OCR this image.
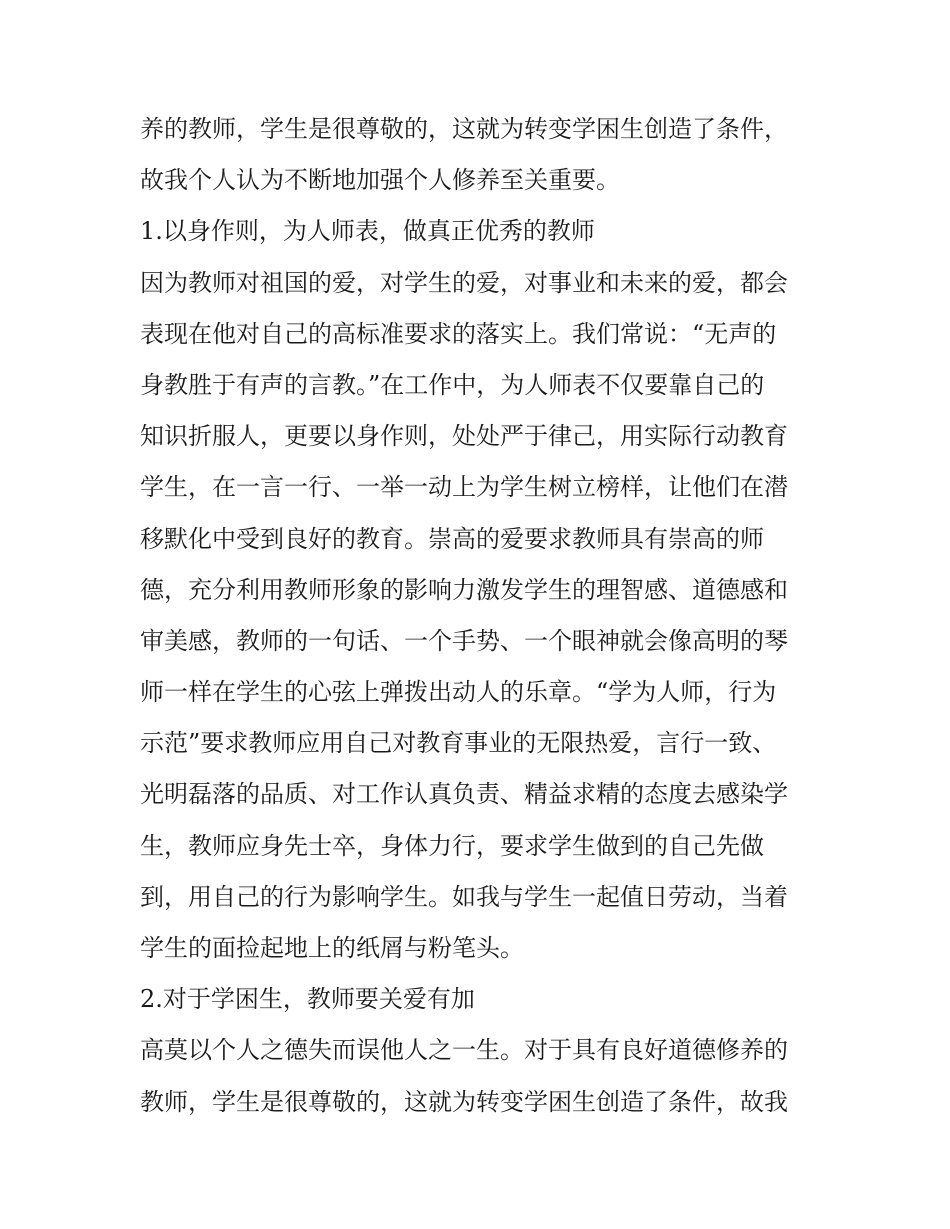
养的教师，学生是很尊敬的，这就为转变学困生创造了条件，
故我个人认为不断地加强个人修养至关重要。
1.以身作则，为人师表，做真正优秀的教师
因为教师对祖国的爱，对学生的爱，对事业和未来的爱，都会
表现在他对自己的高标准要求的落实上。我们常说：“无声的
身教胜于有声的言教。”在工作中，为人师表不仅要靠自己的
知识折服人，更要以身作则，处处严于律己，用实际行动教育
学生，在一言一行、一举一动上为学生树立榜样，让他们在潜
移默化中受到良好的教育。崇高的爱要求教师具有崇高的师
德，充分利用教师形象的影响力激发学生的理智感、道德感和
审美感，教师的一句话、一个手势、一个眼神就会像高明的琴
师一样在学生的心弦上弹拨出动人的乐章。“学为人师，行为
示范”要求教师应用自己对教育事业的无限热爱，言行一致、
光明磊落的品质、对工作认真负责、精益求精的态度去感染学
生，教师应身先士卒，身体力行，要求学生做到的自己先做
到，用自己的行为影响学生。如我与学生一起值日劳动，当着
学生的面捡起地上的纸屑与粉笔头。
2.对于学困生，教师要关爱有加
高莫以个人之德失而误他人之一生。对于具有良好道德修养的
教师，学生是很尊敬的，这就为转变学困生创造了条件，故我
